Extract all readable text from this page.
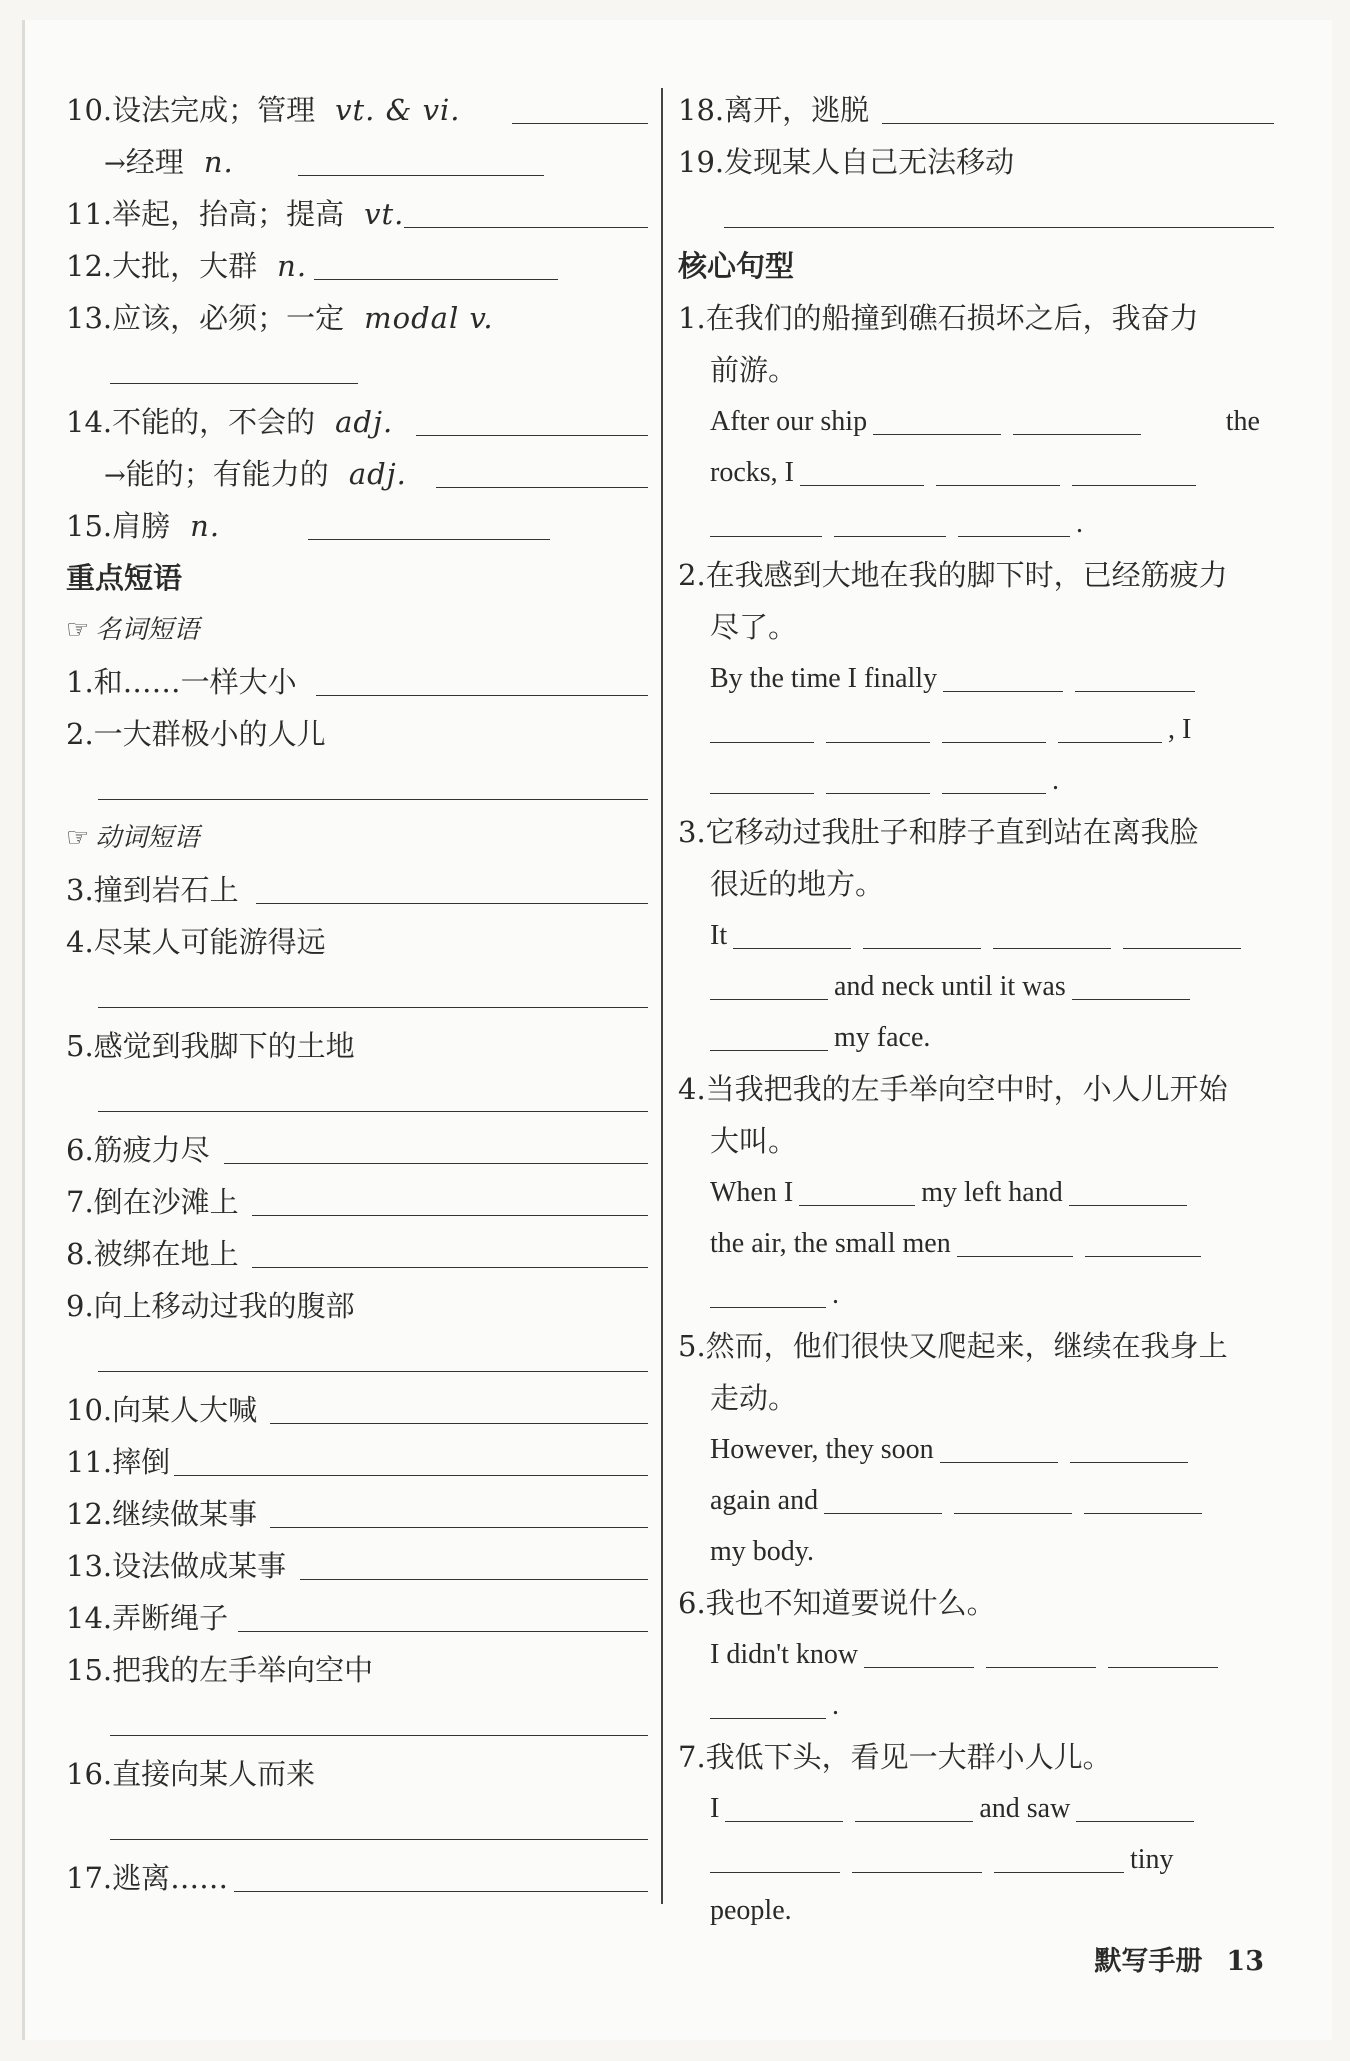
10.设法完成；管理 vt. & vi.
→经理 n.
11.举起，抬高；提高 vt.
12.大批，大群 n.
13.应该，必须；一定 modal v.
14.不能的，不会的 adj.
→能的；有能力的 adj.
15.肩膀 n.
重点短语
☞ 名词短语
1.和……一样大小
2.一大群极小的人儿
☞ 动词短语
3.撞到岩石上
4.尽某人可能游得远
5.感觉到我脚下的土地
6.筋疲力尽
7.倒在沙滩上
8.被绑在地上
9.向上移动过我的腹部
10.向某人大喊
11.摔倒
12.继续做某事
13.设法做成某事
14.弄断绳子
15.把我的左手举向空中
16.直接向某人而来
17.逃离……
18.离开，逃脱
19.发现某人自己无法移动
核心句型
1.在我们的船撞到礁石损坏之后，我奋力
前游。
After our ship	the
rocks, I
.
2.在我感到大地在我的脚下时，已经筋疲力
尽了。
By the time I finally
, I
.
3.它移动过我肚子和脖子直到站在离我脸
很近的地方。
It
and neck until it was
my face.
4.当我把我的左手举向空中时，小人儿开始
大叫。
When I	my left hand
the air, the small men
.
5.然而，他们很快又爬起来，继续在我身上
走动。
However, they soon
again and
my body.
6.我也不知道要说什么。
I didn't know
.
7.我低下头，看见一大群小人儿。
I	and saw
tiny
people.
默写手册 13
